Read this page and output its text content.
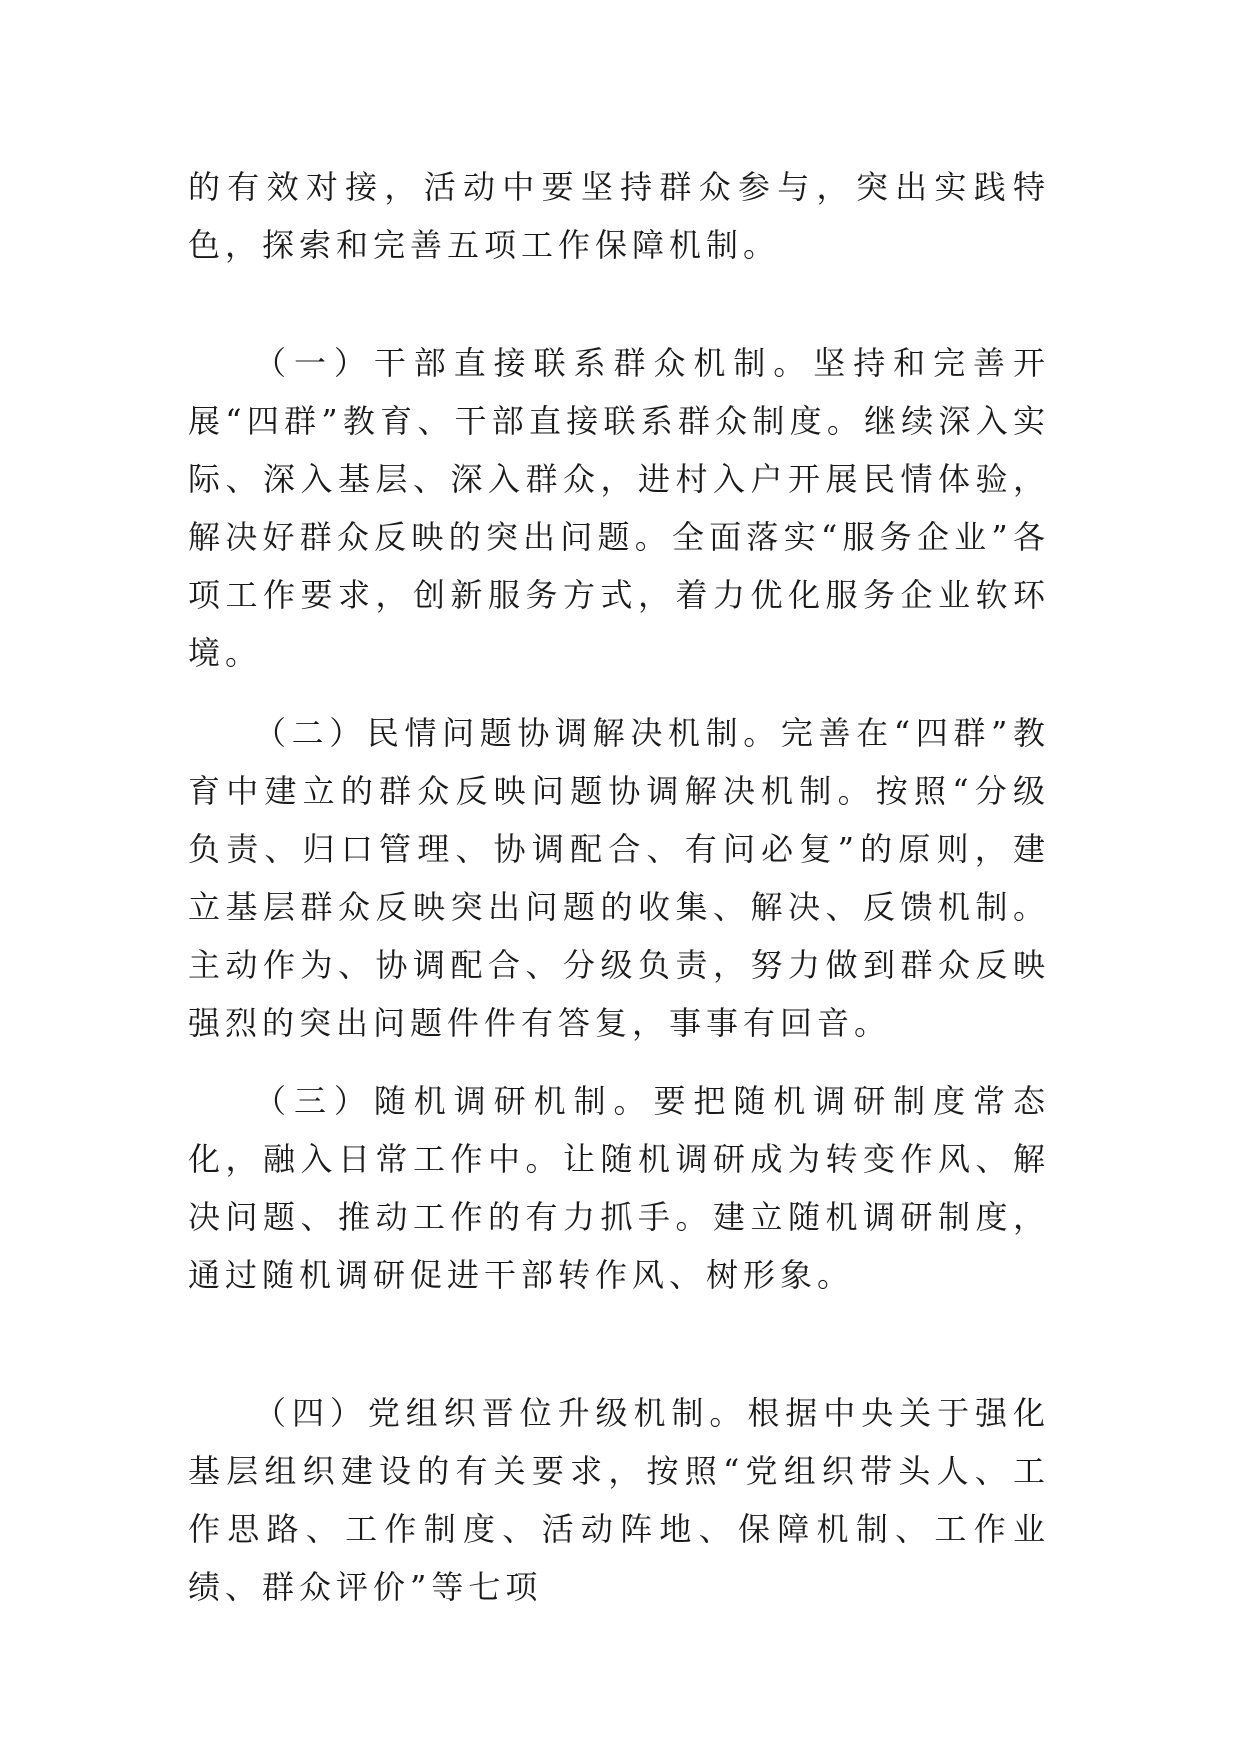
的有效对接，活动中要坚持群众参与，突出实践特色，探索和完善五项工作保障机制。

（一）干部直接联系群众机制。坚持和完善开展“四群”教育、干部直接联系群众制度。继续深入实际、深入基层、深入群众，进村入户开展民情体验，解决好群众反映的突出问题。全面落实“服务企业”各项工作要求，创新服务方式，着力优化服务企业软环境。

（二）民情问题协调解决机制。完善在“四群”教育中建立的群众反映问题协调解决机制。按照“分级负责、归口管理、协调配合、有问必复”的原则，建立基层群众反映突出问题的收集、解决、反馈机制。主动作为、协调配合、分级负责，努力做到群众反映强烈的突出问题件件有答复，事事有回音。

（三）随机调研机制。要把随机调研制度常态化，融入日常工作中。让随机调研成为转变作风、解决问题、推动工作的有力抓手。建立随机调研制度，通过随机调研促进干部转作风、树形象。

（四）党组织晋位升级机制。根据中央关于强化基层组织建设的有关要求，按照“党组织带头人、工作思路、工作制度、活动阵地、保障机制、工作业绩、群众评价”等七项
